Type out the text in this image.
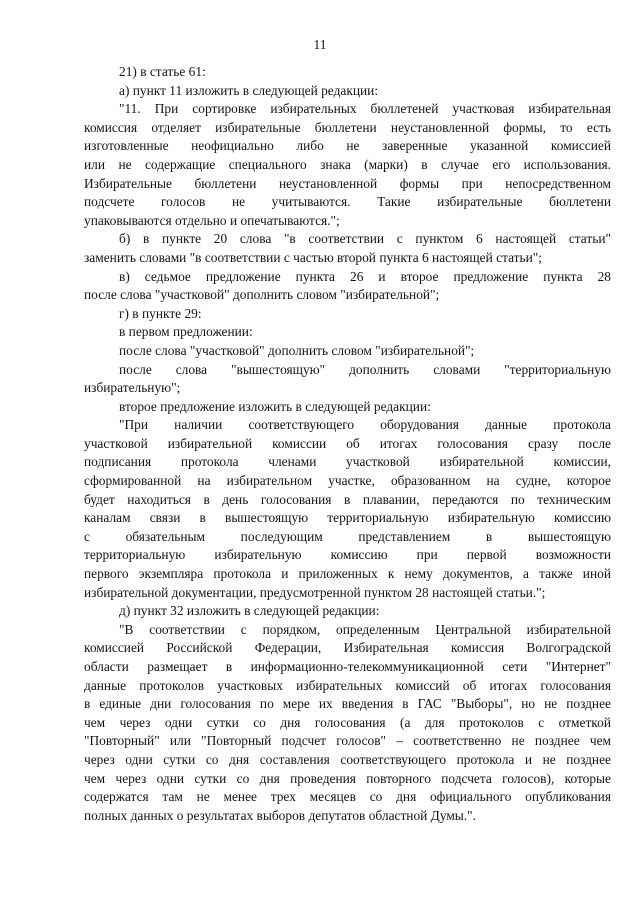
11
21) в статье 61:
а) пункт 11 изложить в следующей редакции:
"11. При сортировке избирательных бюллетеней участковая избирательная
комиссия отделяет избирательные бюллетени неустановленной формы, то есть
изготовленные неофициально либо не заверенные указанной комиссией
или не содержащие специального знака (марки) в случае его использования.
Избирательные бюллетени неустановленной формы при непосредственном
подсчете голосов не учитываются. Такие избирательные бюллетени
упаковываются отдельно и опечатываются.";
б) в пункте 20 слова "в соответствии с пунктом 6 настоящей статьи"
заменить словами "в соответствии с частью второй пункта 6 настоящей статьи";
в) седьмое предложение пункта 26 и второе предложение пункта 28
после слова "участковой" дополнить словом "избирательной";
г) в пункте 29:
в первом предложении:
после слова "участковой" дополнить словом "избирательной";
после слова "вышестоящую" дополнить словами "территориальную
избирательную";
второе предложение изложить в следующей редакции:
"При наличии соответствующего оборудования данные протокола
участковой избирательной комиссии об итогах голосования сразу после
подписания протокола членами участковой избирательной комиссии,
сформированной на избирательном участке, образованном на судне, которое
будет находиться в день голосования в плавании, передаются по техническим
каналам связи в вышестоящую территориальную избирательную комиссию
с обязательным последующим представлением в вышестоящую
территориальную избирательную комиссию при первой возможности
первого экземпляра протокола и приложенных к нему документов, а также иной
избирательной документации, предусмотренной пунктом 28 настоящей статьи.";
д) пункт 32 изложить в следующей редакции:
"В соответствии с порядком, определенным Центральной избирательной
комиссией Российской Федерации, Избирательная комиссия Волгоградской
области размещает в информационно-телекоммуникационной сети "Интернет"
данные протоколов участковых избирательных комиссий об итогах голосования
в единые дни голосования по мере их введения в ГАС "Выборы", но не позднее
чем через одни сутки со дня голосования (а для протоколов с отметкой
"Повторный" или "Повторный подсчет голосов" – соответственно не позднее чем
через одни сутки со дня составления соответствующего протокола и не позднее
чем через одни сутки со дня проведения повторного подсчета голосов), которые
содержатся там не менее трех месяцев со дня официального опубликования
полных данных о результатах выборов депутатов областной Думы.".
